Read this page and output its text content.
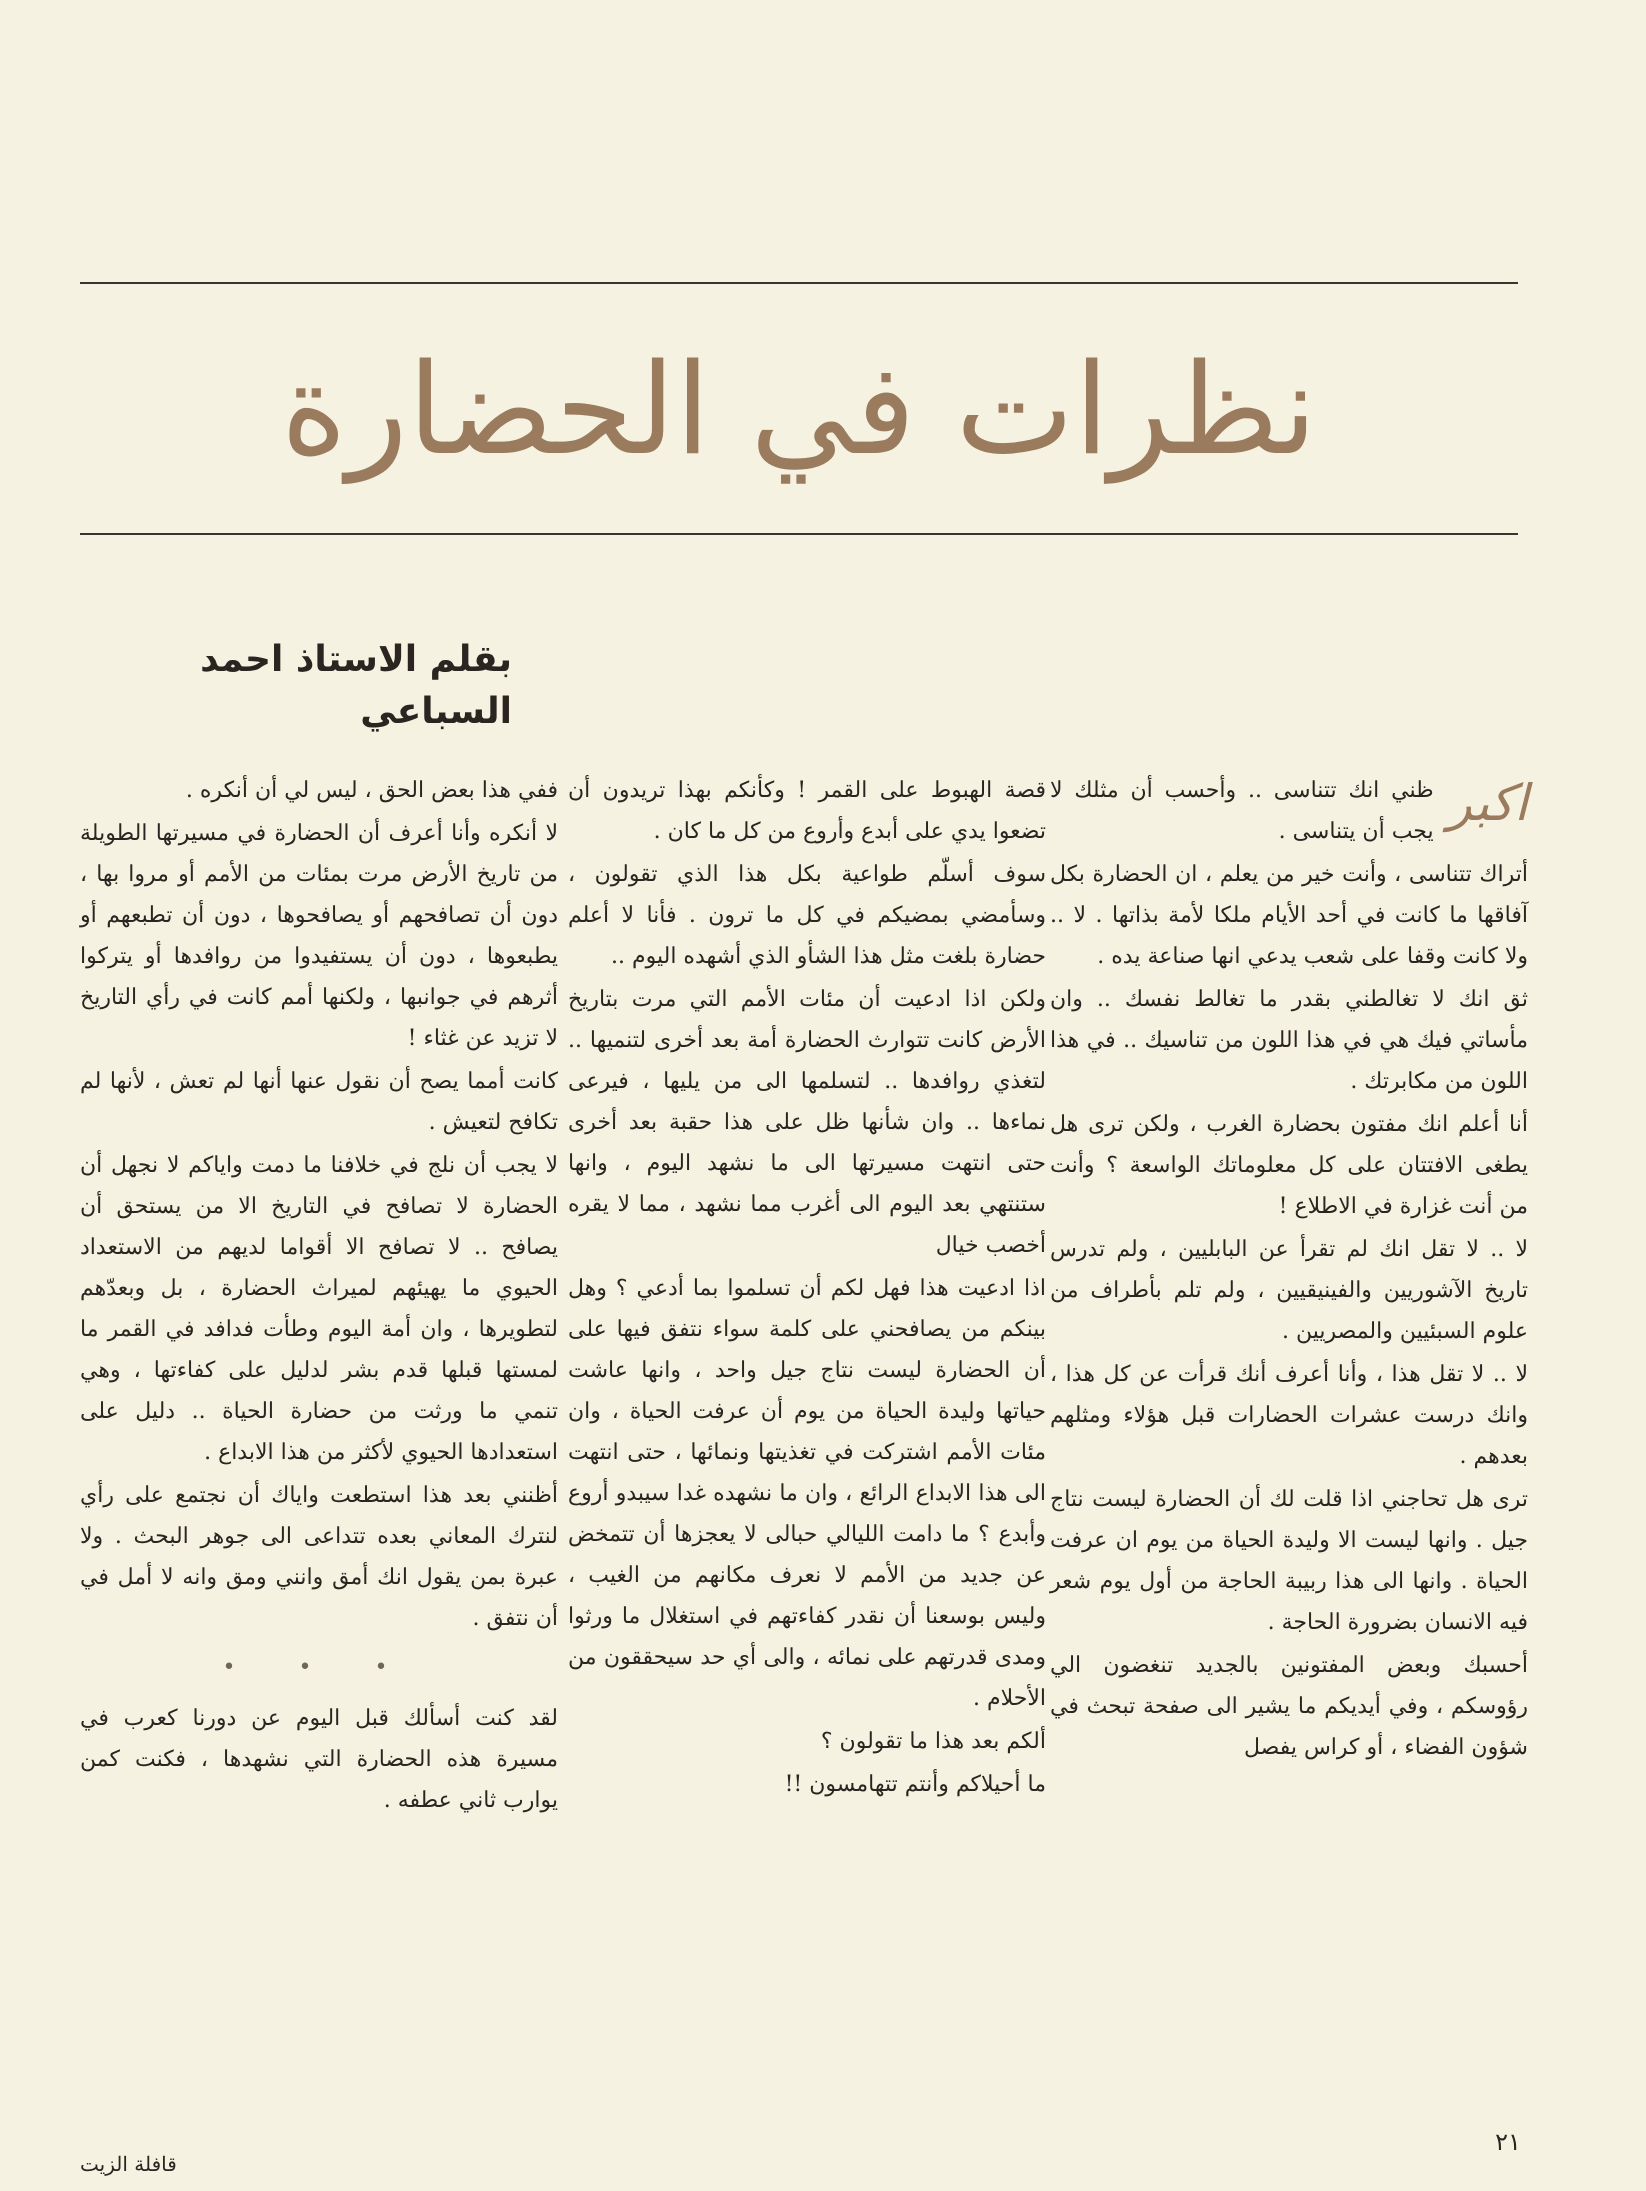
نظرات في الحضارة
بقلم الاستاذ احمد السباعي
اكبر

ظني انك تتناسى .. وأحسب أن مثلك لا يجب أن يتناسى .

أتراك تتناسى ، وأنت خير من يعلم ، ان الحضارة بكل آفاقها ما كانت في أحد الأيام ملكا لأمة بذاتها . لا .. ولا كانت وقفا على شعب يدعي انها صناعة يده .

ثق انك لا تغالطني بقدر ما تغالط نفسك .. وان مأساتي فيك هي في هذا اللون من تناسيك .. في هذا اللون من مكابرتك .

أنا أعلم انك مفتون بحضارة الغرب ، ولكن ترى هل يطغى الافتتان على كل معلوماتك الواسعة ؟ وأنت من أنت غزارة في الاطلاع !

لا .. لا تقل انك لم تقرأ عن البابليين ، ولم تدرس تاريخ الآشوريين والفينيقيين ، ولم تلم بأطراف من علوم السبئيين والمصريين .

لا .. لا تقل هذا ، وأنا أعرف أنك قرأت عن كل هذا ، وانك درست عشرات الحضارات قبل هؤلاء ومثلهم بعدهم .

ترى هل تحاجني اذا قلت لك أن الحضارة ليست نتاج جيل . وانها ليست الا وليدة الحياة من يوم ان عرفت الحياة . وانها الى هذا ربيبة الحاجة من أول يوم شعر فيه الانسان بضرورة الحاجة .

أحسبك وبعض المفتونين بالجديد تنغضون الي رؤوسكم ، وفي أيديكم ما يشير الى صفحة تبحث في شؤون الفضاء ، أو كراس يفصل

قصة الهبوط على القمر ! وكأنكم بهذا تريدون أن تضعوا يدي على أبدع وأروع من كل ما كان .

سوف أسلّم طواعية بكل هذا الذي تقولون ، وسأمضي بمضيكم في كل ما ترون . فأنا لا أعلم حضارة بلغت مثل هذا الشأو الذي أشهده اليوم ..

ولكن اذا ادعيت أن مئات الأمم التي مرت بتاريخ الأرض كانت تتوارث الحضارة أمة بعد أخرى لتنميها .. لتغذي روافدها .. لتسلمها الى من يليها ، فيرعى نماءها .. وان شأنها ظل على هذا حقبة بعد أخرى حتى انتهت مسيرتها الى ما نشهد اليوم ، وانها ستنتهي بعد اليوم الى أغرب مما نشهد ، مما لا يقره أخصب خيال

اذا ادعيت هذا فهل لكم أن تسلموا بما أدعي ؟ وهل بينكم من يصافحني على كلمة سواء نتفق فيها على أن الحضارة ليست نتاج جيل واحد ، وانها عاشت حياتها وليدة الحياة من يوم أن عرفت الحياة ، وان مئات الأمم اشتركت في تغذيتها ونمائها ، حتى انتهت الى هذا الابداع الرائع ، وان ما نشهده غدا سيبدو أروع وأبدع ؟ ما دامت الليالي حبالى لا يعجزها أن تتمخض عن جديد من الأمم لا نعرف مكانهم من الغيب ، وليس بوسعنا أن نقدر كفاءتهم في استغلال ما ورثوا ومدى قدرتهم على نمائه ، والى أي حد سيحققون من الأحلام .

ألكم بعد هذا ما تقولون ؟

ما أحيلاكم وأنتم تتهامسون !!

ففي هذا بعض الحق ، ليس لي أن أنكره .

لا أنكره وأنا أعرف أن الحضارة في مسيرتها الطويلة من تاريخ الأرض مرت بمئات من الأمم أو مروا بها ، دون أن تصافحهم أو يصافحوها ، دون أن تطبعهم أو يطبعوها ، دون أن يستفيدوا من روافدها أو يتركوا أثرهم في جوانبها ، ولكنها أمم كانت في رأي التاريخ لا تزيد عن غثاء !

كانت أمما يصح أن نقول عنها أنها لم تعش ، لأنها لم تكافح لتعيش .

لا يجب أن نلج في خلافنا ما دمت واياكم لا نجهل أن الحضارة لا تصافح في التاريخ الا من يستحق أن يصافح .. لا تصافح الا أقواما لديهم من الاستعداد الحيوي ما يهيئهم لميراث الحضارة ، بل وبعدّهم لتطويرها ، وان أمة اليوم وطأت فدافد في القمر ما لمستها قبلها قدم بشر لدليل على كفاءتها ، وهي تنمي ما ورثت من حضارة الحياة .. دليل على استعدادها الحيوي لأكثر من هذا الابداع .

أظنني بعد هذا استطعت واياك أن نجتمع على رأي لنترك المعاني بعده تتداعى الى جوهر البحث . ولا عبرة بمن يقول انك أمق وانني ومق وانه لا أمل في أن نتفق .

• • •

لقد كنت أسألك قبل اليوم عن دورنا كعرب في مسيرة هذه الحضارة التي نشهدها ، فكنت كمن يوارب ثاني عطفه .

٢١
قافلة الزيت
